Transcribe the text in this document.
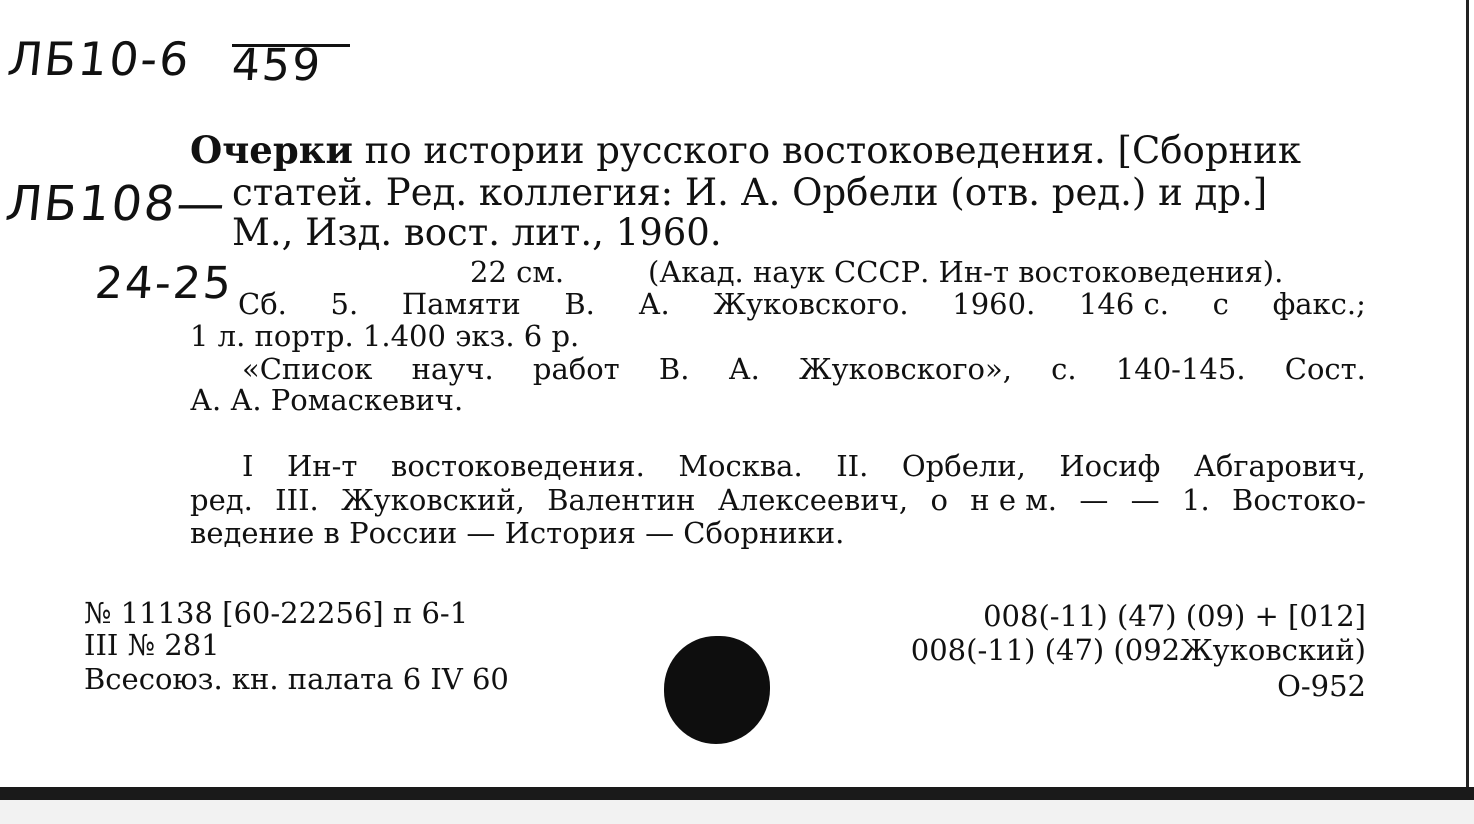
ЛБ10-6 459
ЛБ108—
24-25
Очерки по истории русского востоковедения. [Сборник
статей. Ред. коллегия: И. А. Орбели (отв. ред.) и др.]
М., Изд. вост. лит., 1960.
22 см.	(Акад. наук СССР. Ин-т востоковедения).
Сб. 5. Памяти В. А. Жуковского. 1960. 146 с. с факс.;
1 л. портр. 1.400 экз. 6 р.
«Список науч. работ В. А. Жуковского», с. 140-145. Сост.
А. А. Ромаскевич.
I Ин-т востоковедения. Москва. II. Орбели, Иосиф Абгарович,
ред. III. Жуковский, Валентин Алексеевич, о н е м. — — 1. Востоко-
ведение в России — История — Сборники.
№ 11138 [60-22256] п 6-1
III № 281
Всесоюз. кн. палата 6 IV 60
008(-11) (47) (09) + [012]
008(-11) (47) (092Жуковский)
О-952
